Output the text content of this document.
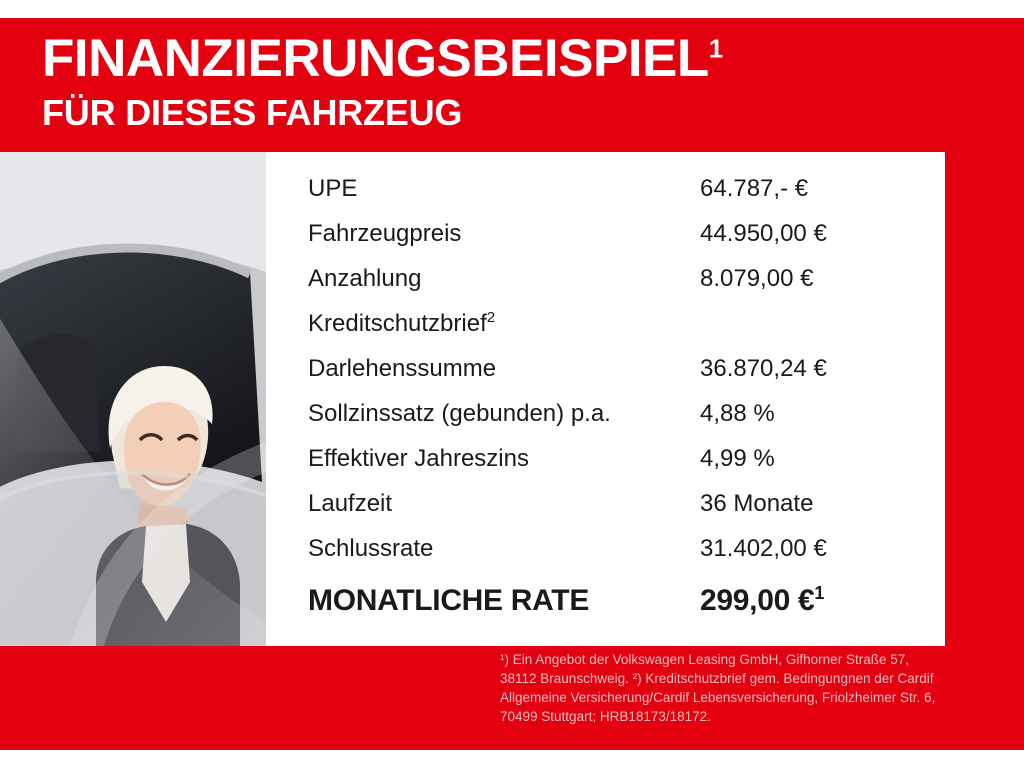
FINANZIERUNGSBEISPIEL$^1$
FÜR DIESES FAHRZEUG
UPE	64.787,- €
Fahrzeugpreis	44.950,00 €
Anzahlung	8.079,00 €
Kreditschutzbrief$^2$
Darlehenssumme	36.870,24 €
Sollzinssatz (gebunden) p.a.	4,88 %
Effektiver Jahreszins	4,99 %
Laufzeit	36 Monate
Schlussrate	31.402,00 €
MONATLICHE RATE	299,00 €$^1$
¹) Ein Angebot der Volkswagen Leasing GmbH, Gifhorner Straße 57, 38112 Braunschweig. ²) Kreditschutzbrief gem. Bedingungnen der Cardif Allgemeine Versicherung/Cardif Lebensversicherung, Friolzheimer Str. 6, 70499 Stuttgart; HRB18173/18172.
